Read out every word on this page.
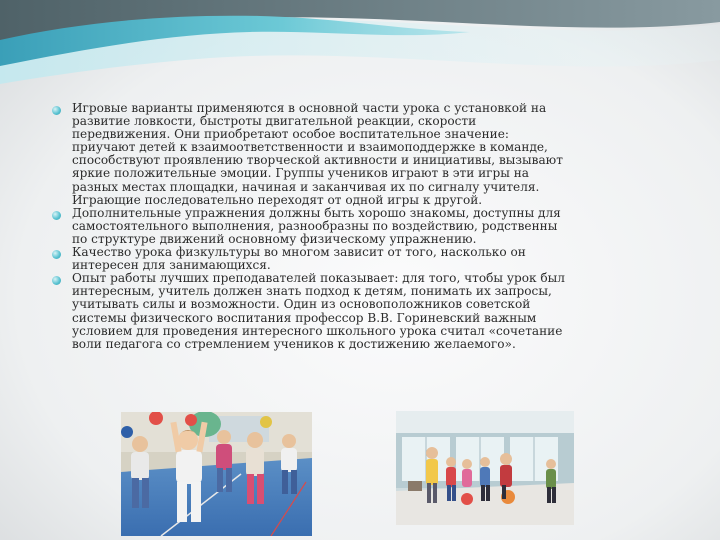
Игровые варианты применяются в основной части урока с установкой на
развитие ловкости, быстроты двигательной реакции, скорости
передвижения. Они приобретают особое воспитательное значение:
приучают детей к взаимоответственности и взаимоподдержке в команде,
способствуют проявлению творческой активности и инициативы, вызывают
яркие положительные эмоции. Группы учеников играют в эти игры на
разных местах площадки, начиная и заканчивая их по сигналу учителя.
Играющие последовательно переходят от одной игры к другой.
Дополнительные упражнения должны быть хорошо знакомы, доступны для
самостоятельного выполнения, разнообразны по воздействию, родственны
по структуре движений основному физическому упражнению.
Качество урока физкультуры во многом зависит от того, насколько он
интересен для занимающихся.
Опыт работы лучших преподавателей показывает: для того, чтобы урок был
интересным, учитель должен знать подход к детям, понимать их запросы,
учитывать силы и возможности. Один из основоположников советской
системы физического воспитания профессор В.В. Гориневский важным
условием для проведения интересного школьного урока считал «сочетание
воли педагога со стремлением учеников к достижению желаемого».
